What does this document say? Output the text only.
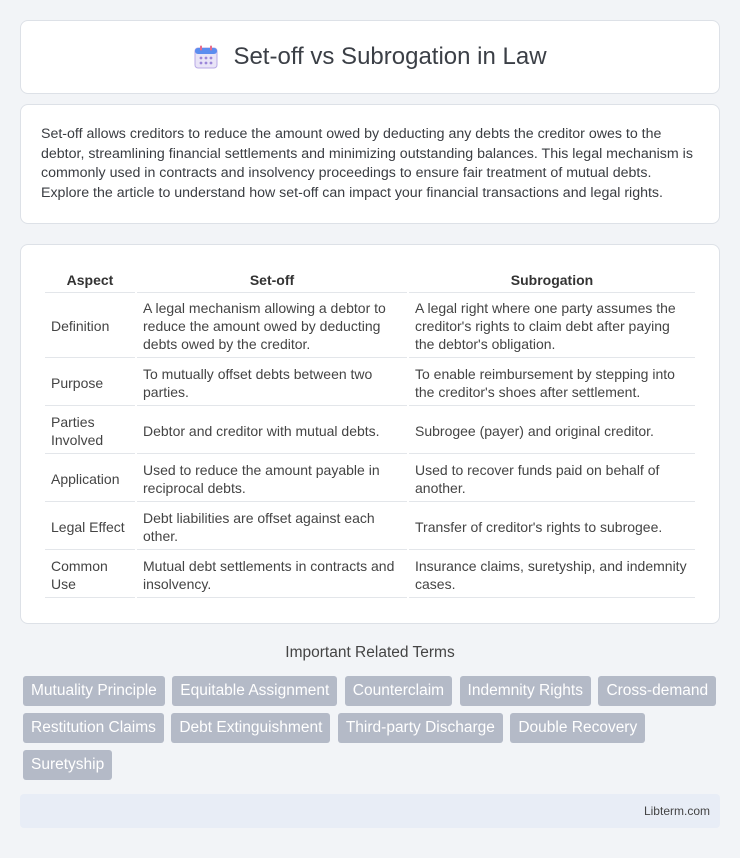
Set-off vs Subrogation in Law

Set-off allows creditors to reduce the amount owed by deducting any debts the creditor owes to the debtor, streamlining financial settlements and minimizing outstanding balances. This legal mechanism is commonly used in contracts and insolvency proceedings to ensure fair treatment of mutual debts. Explore the article to understand how set-off can impact your financial transactions and legal rights.

Aspect	Set-off	Subrogation
Definition	A legal mechanism allowing a debtor to reduce the amount owed by deducting debts owed by the creditor.	A legal right where one party assumes the creditor's rights to claim debt after paying the debtor's obligation.
Purpose	To mutually offset debts between two parties.	To enable reimbursement by stepping into the creditor's shoes after settlement.
Parties Involved	Debtor and creditor with mutual debts.	Subrogee (payer) and original creditor.
Application	Used to reduce the amount payable in reciprocal debts.	Used to recover funds paid on behalf of another.
Legal Effect	Debt liabilities are offset against each other.	Transfer of creditor's rights to subrogee.
Common Use	Mutual debt settlements in contracts and insolvency.	Insurance claims, suretyship, and indemnity cases.
Important Related Terms
Mutuality Principle Equitable Assignment Counterclaim Indemnity Rights Cross-demand Restitution Claims Debt Extinguishment Third-party Discharge Double Recovery Suretyship
Libterm.com
